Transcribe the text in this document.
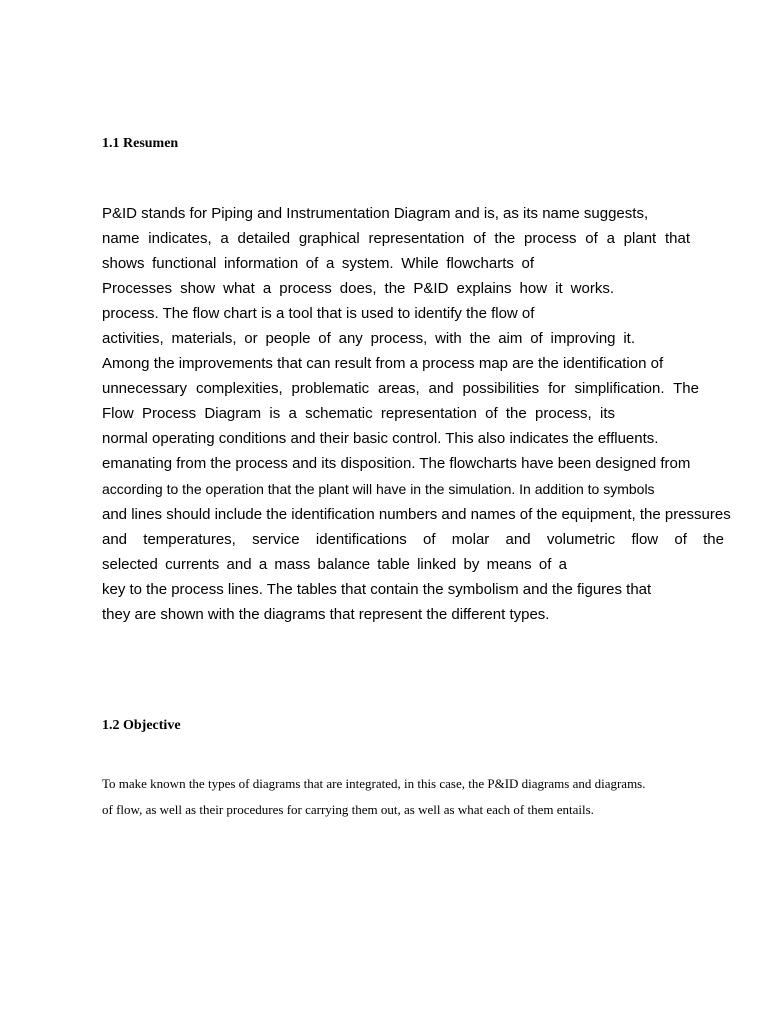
1.1 Resumen
P&ID stands for Piping and Instrumentation Diagram and is, as its name suggests,
name indicates, a detailed graphical representation of the process of a plant that
shows functional information of a system. While flowcharts of
Processes show what a process does, the P&ID explains how it works.
process. The flow chart is a tool that is used to identify the flow of
activities, materials, or people of any process, with the aim of improving it.
Among the improvements that can result from a process map are the identification of
unnecessary complexities, problematic areas, and possibilities for simplification. The
Flow Process Diagram is a schematic representation of the process, its
normal operating conditions and their basic control. This also indicates the effluents.
emanating from the process and its disposition. The flowcharts have been designed from
according to the operation that the plant will have in the simulation. In addition to symbols
and lines should include the identification numbers and names of the equipment, the pressures
and temperatures, service identifications of molar and volumetric flow of the
selected currents and a mass balance table linked by means of a
key to the process lines. The tables that contain the symbolism and the figures that
they are shown with the diagrams that represent the different types.
1.2 Objective
To make known the types of diagrams that are integrated, in this case, the P&ID diagrams and diagrams.
of flow, as well as their procedures for carrying them out, as well as what each of them entails.
